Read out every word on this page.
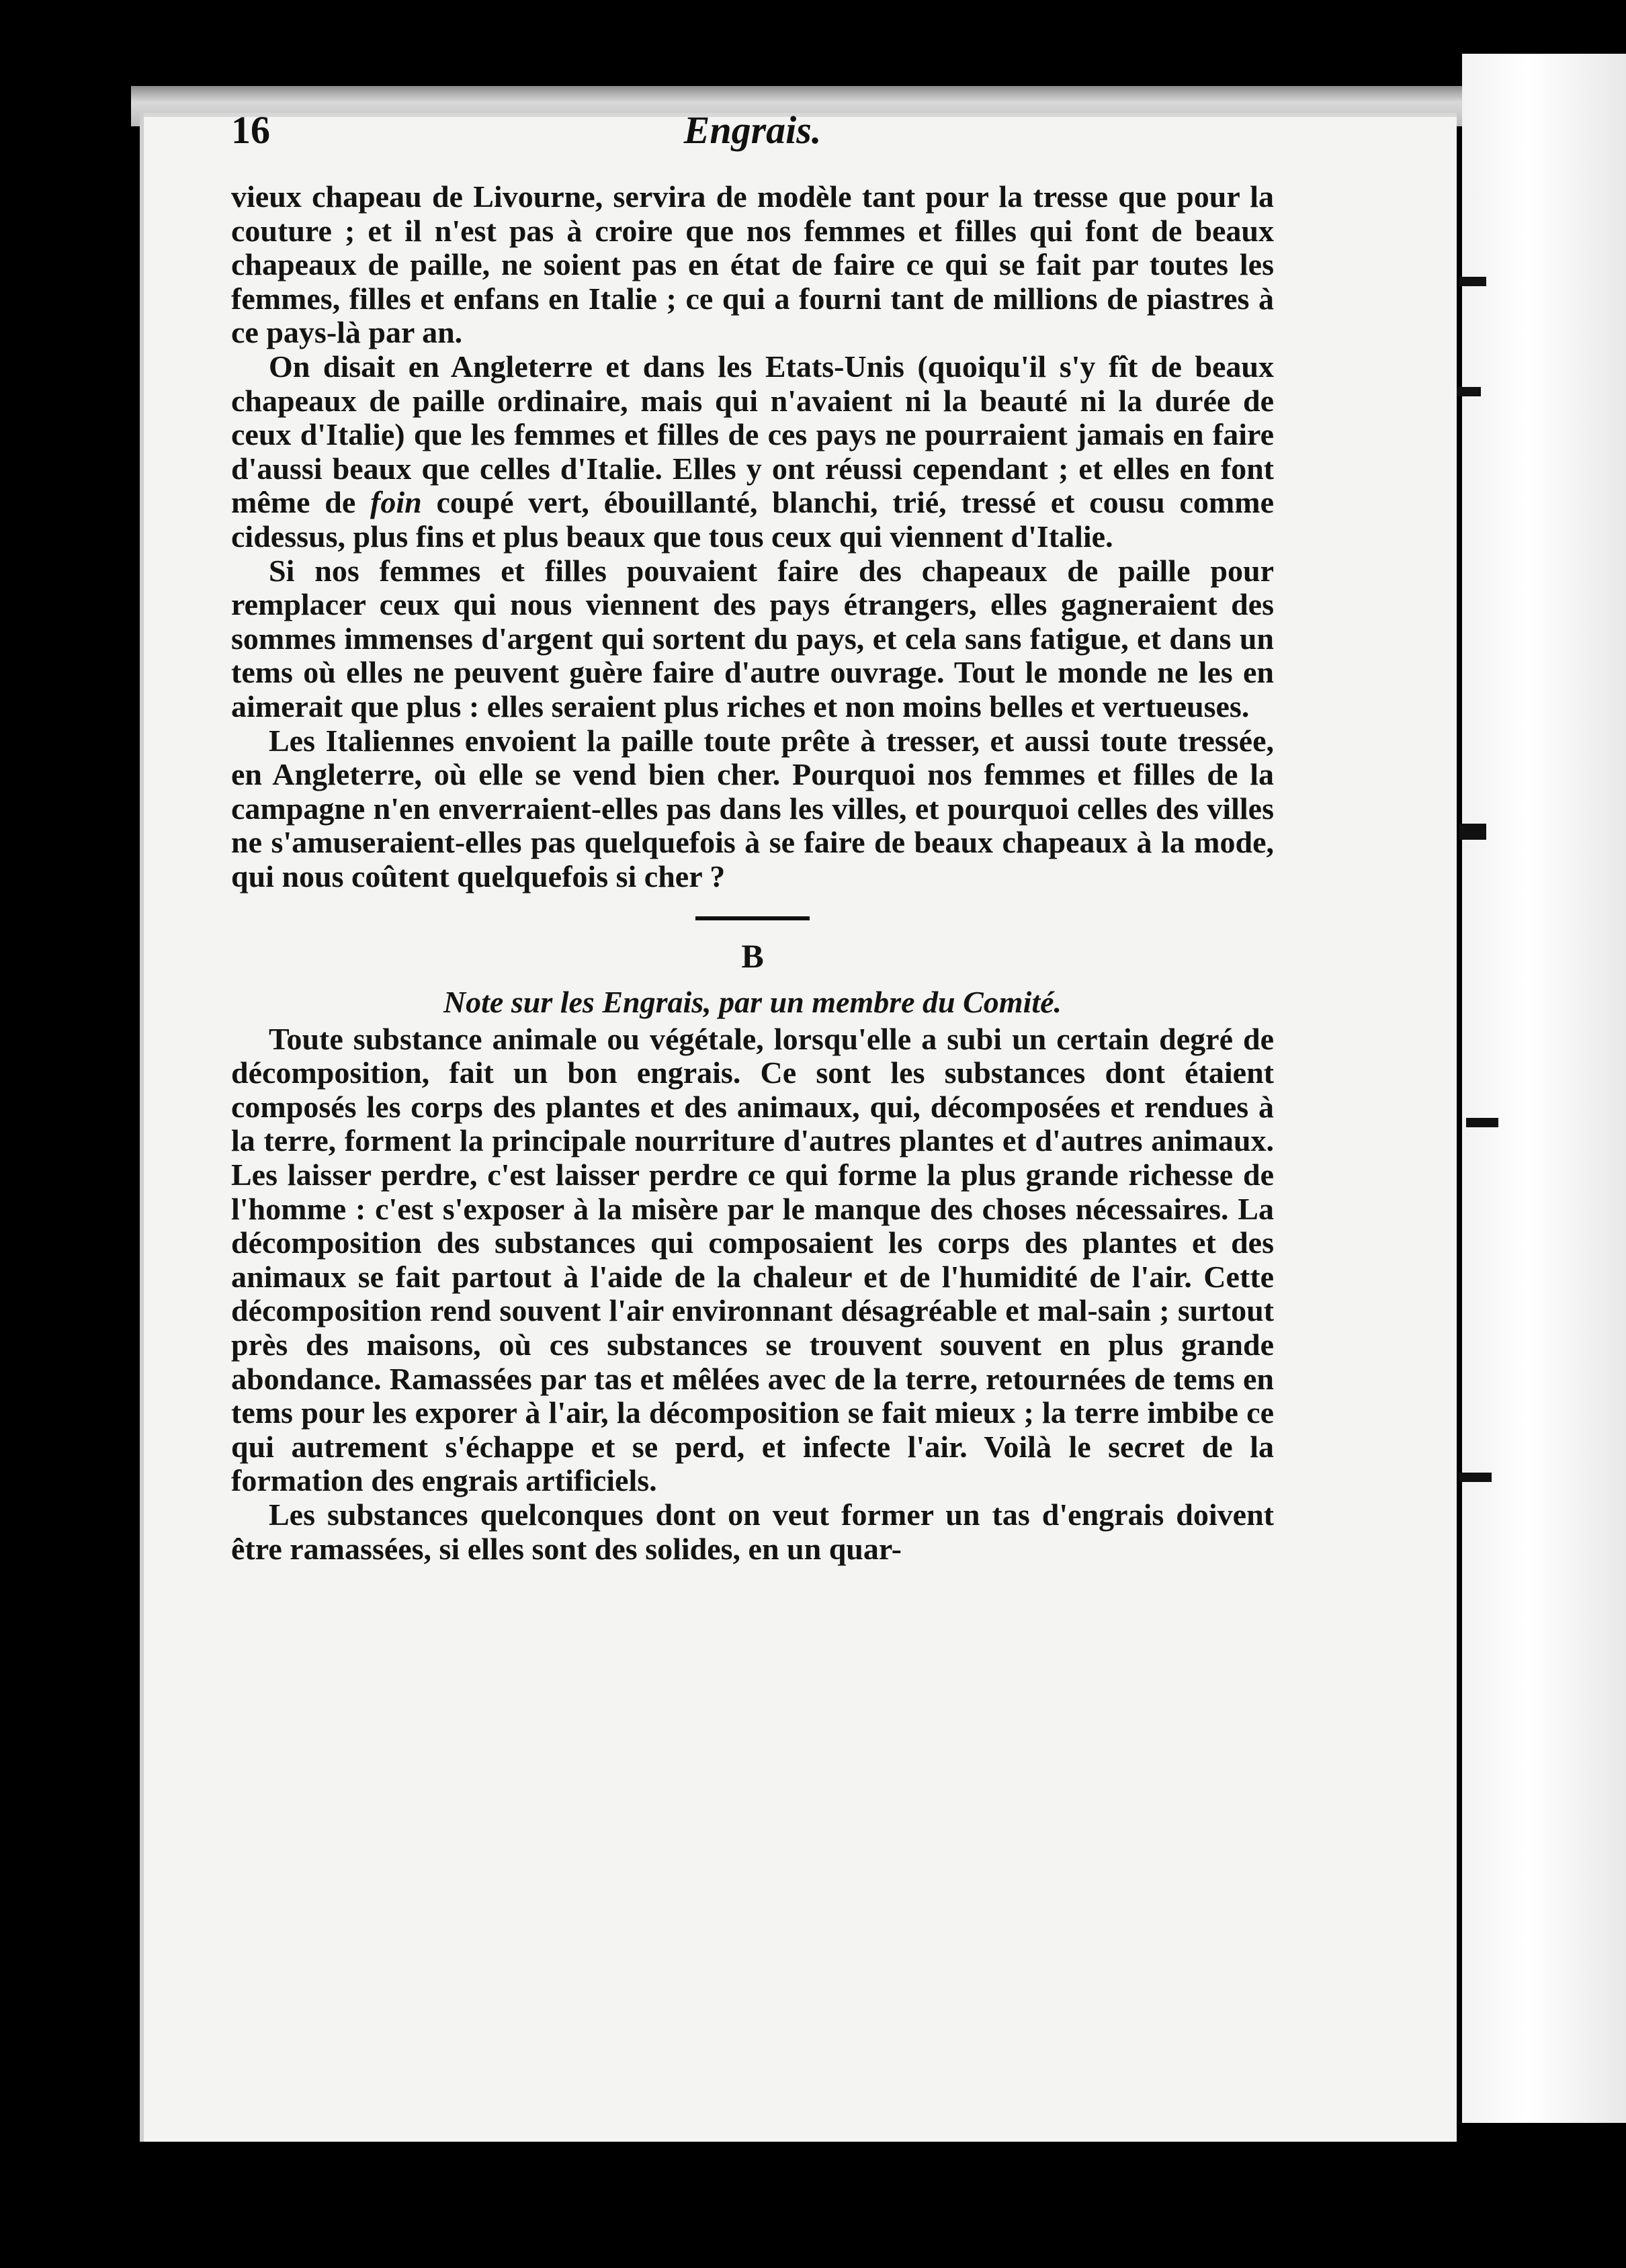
16	Engrais.

vieux chapeau de Livourne, servira de modèle tant pour la tresse que pour la couture ; et il n'est pas à croire que nos femmes et filles qui font de beaux chapeaux de paille, ne soient pas en état de faire ce qui se fait par toutes les femmes, filles et enfans en Italie ; ce qui a fourni tant de millions de piastres à ce pays-là par an.

On disait en Angleterre et dans les Etats-Unis (quoiqu'il s'y fît de beaux chapeaux de paille ordinaire, mais qui n'avaient ni la beauté ni la durée de ceux d'Italie) que les femmes et filles de ces pays ne pourraient jamais en faire d'aussi beaux que celles d'Italie. Elles y ont réussi cependant ; et elles en font même de foin coupé vert, ébouillanté, blanchi, trié, tressé et cousu comme cidessus, plus fins et plus beaux que tous ceux qui viennent d'Italie.

Si nos femmes et filles pouvaient faire des chapeaux de paille pour remplacer ceux qui nous viennent des pays étrangers, elles gagneraient des sommes immenses d'argent qui sortent du pays, et cela sans fatigue, et dans un tems où elles ne peuvent guère faire d'autre ouvrage. Tout le monde ne les en aimerait que plus : elles seraient plus riches et non moins belles et vertueuses.

Les Italiennes envoient la paille toute prête à tresser, et aussi toute tressée, en Angleterre, où elle se vend bien cher. Pourquoi nos femmes et filles de la campagne n'en enverraient-elles pas dans les villes, et pourquoi celles des villes ne s'amuseraient-elles pas quelquefois à se faire de beaux chapeaux à la mode, qui nous coûtent quelquefois si cher ?

B
Note sur les Engrais, par un membre du Comité.

Toute substance animale ou végétale, lorsqu'elle a subi un certain degré de décomposition, fait un bon engrais. Ce sont les substances dont étaient composés les corps des plantes et des animaux, qui, décomposées et rendues à la terre, forment la principale nourriture d'autres plantes et d'autres animaux. Les laisser perdre, c'est laisser perdre ce qui forme la plus grande richesse de l'homme : c'est s'exposer à la misère par le manque des choses nécessaires. La décomposition des substances qui composaient les corps des plantes et des animaux se fait partout à l'aide de la chaleur et de l'humidité de l'air. Cette décomposition rend souvent l'air environnant désagréable et mal-sain ; surtout près des maisons, où ces substances se trouvent souvent en plus grande abondance. Ramassées par tas et mêlées avec de la terre, retournées de tems en tems pour les exporer à l'air, la décomposition se fait mieux ; la terre imbibe ce qui autrement s'échappe et se perd, et infecte l'air. Voilà le secret de la formation des engrais artificiels.

Les substances quelconques dont on veut former un tas d'engrais doivent être ramassées, si elles sont des solides, en un quar-
